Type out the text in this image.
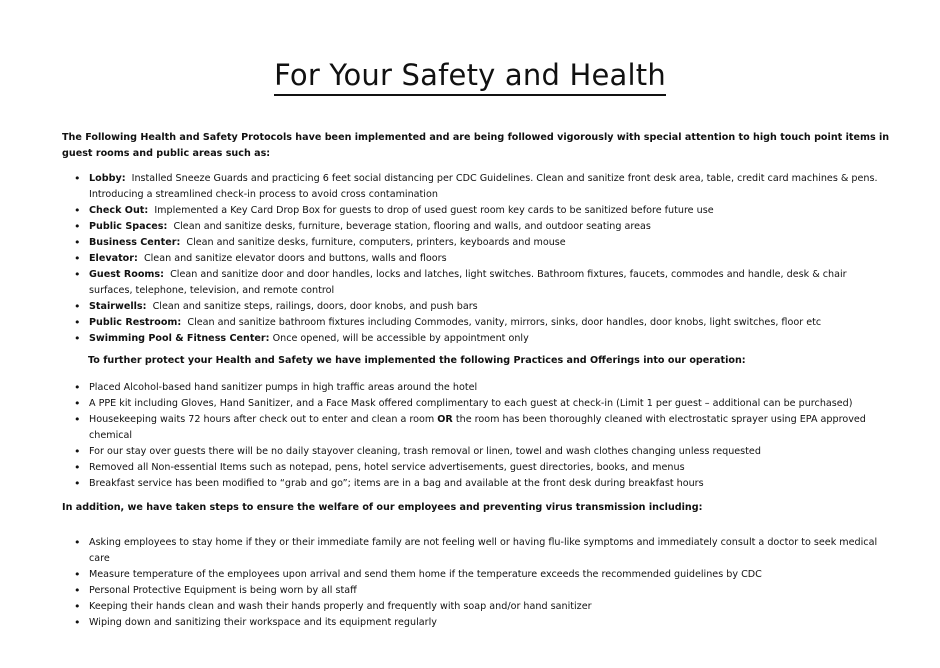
For Your Safety and Health
The Following Health and Safety Protocols have been implemented and are being followed vigorously with special attention to high touch point items in guest rooms and public areas such as:
• Lobby: Installed Sneeze Guards and practicing 6 feet social distancing per CDC Guidelines. Clean and sanitize front desk area, table, credit card machines & pens. Introducing a streamlined check-in process to avoid cross contamination
• Check Out: Implemented a Key Card Drop Box for guests to drop of used guest room key cards to be sanitized before future use
• Public Spaces: Clean and sanitize desks, furniture, beverage station, flooring and walls, and outdoor seating areas
• Business Center: Clean and sanitize desks, furniture, computers, printers, keyboards and mouse
• Elevator: Clean and sanitize elevator doors and buttons, walls and floors
• Guest Rooms: Clean and sanitize door and door handles, locks and latches, light switches. Bathroom fixtures, faucets, commodes and handle, desk & chair surfaces, telephone, television, and remote control
• Stairwells: Clean and sanitize steps, railings, doors, door knobs, and push bars
• Public Restroom: Clean and sanitize bathroom fixtures including Commodes, vanity, mirrors, sinks, door handles, door knobs, light switches, floor etc
• Swimming Pool & Fitness Center: Once opened, will be accessible by appointment only
To further protect your Health and Safety we have implemented the following Practices and Offerings into our operation:
• Placed Alcohol-based hand sanitizer pumps in high traffic areas around the hotel
• A PPE kit including Gloves, Hand Sanitizer, and a Face Mask offered complimentary to each guest at check-in (Limit 1 per guest – additional can be purchased)
• Housekeeping waits 72 hours after check out to enter and clean a room OR the room has been thoroughly cleaned with electrostatic sprayer using EPA approved chemical
• For our stay over guests there will be no daily stayover cleaning, trash removal or linen, towel and wash clothes changing unless requested
• Removed all Non-essential Items such as notepad, pens, hotel service advertisements, guest directories, books, and menus
• Breakfast service has been modified to “grab and go”; items are in a bag and available at the front desk during breakfast hours
In addition, we have taken steps to ensure the welfare of our employees and preventing virus transmission including:
• Asking employees to stay home if they or their immediate family are not feeling well or having flu-like symptoms and immediately consult a doctor to seek medical care
• Measure temperature of the employees upon arrival and send them home if the temperature exceeds the recommended guidelines by CDC
• Personal Protective Equipment is being worn by all staff
• Keeping their hands clean and wash their hands properly and frequently with soap and/or hand sanitizer
• Wiping down and sanitizing their workspace and its equipment regularly
